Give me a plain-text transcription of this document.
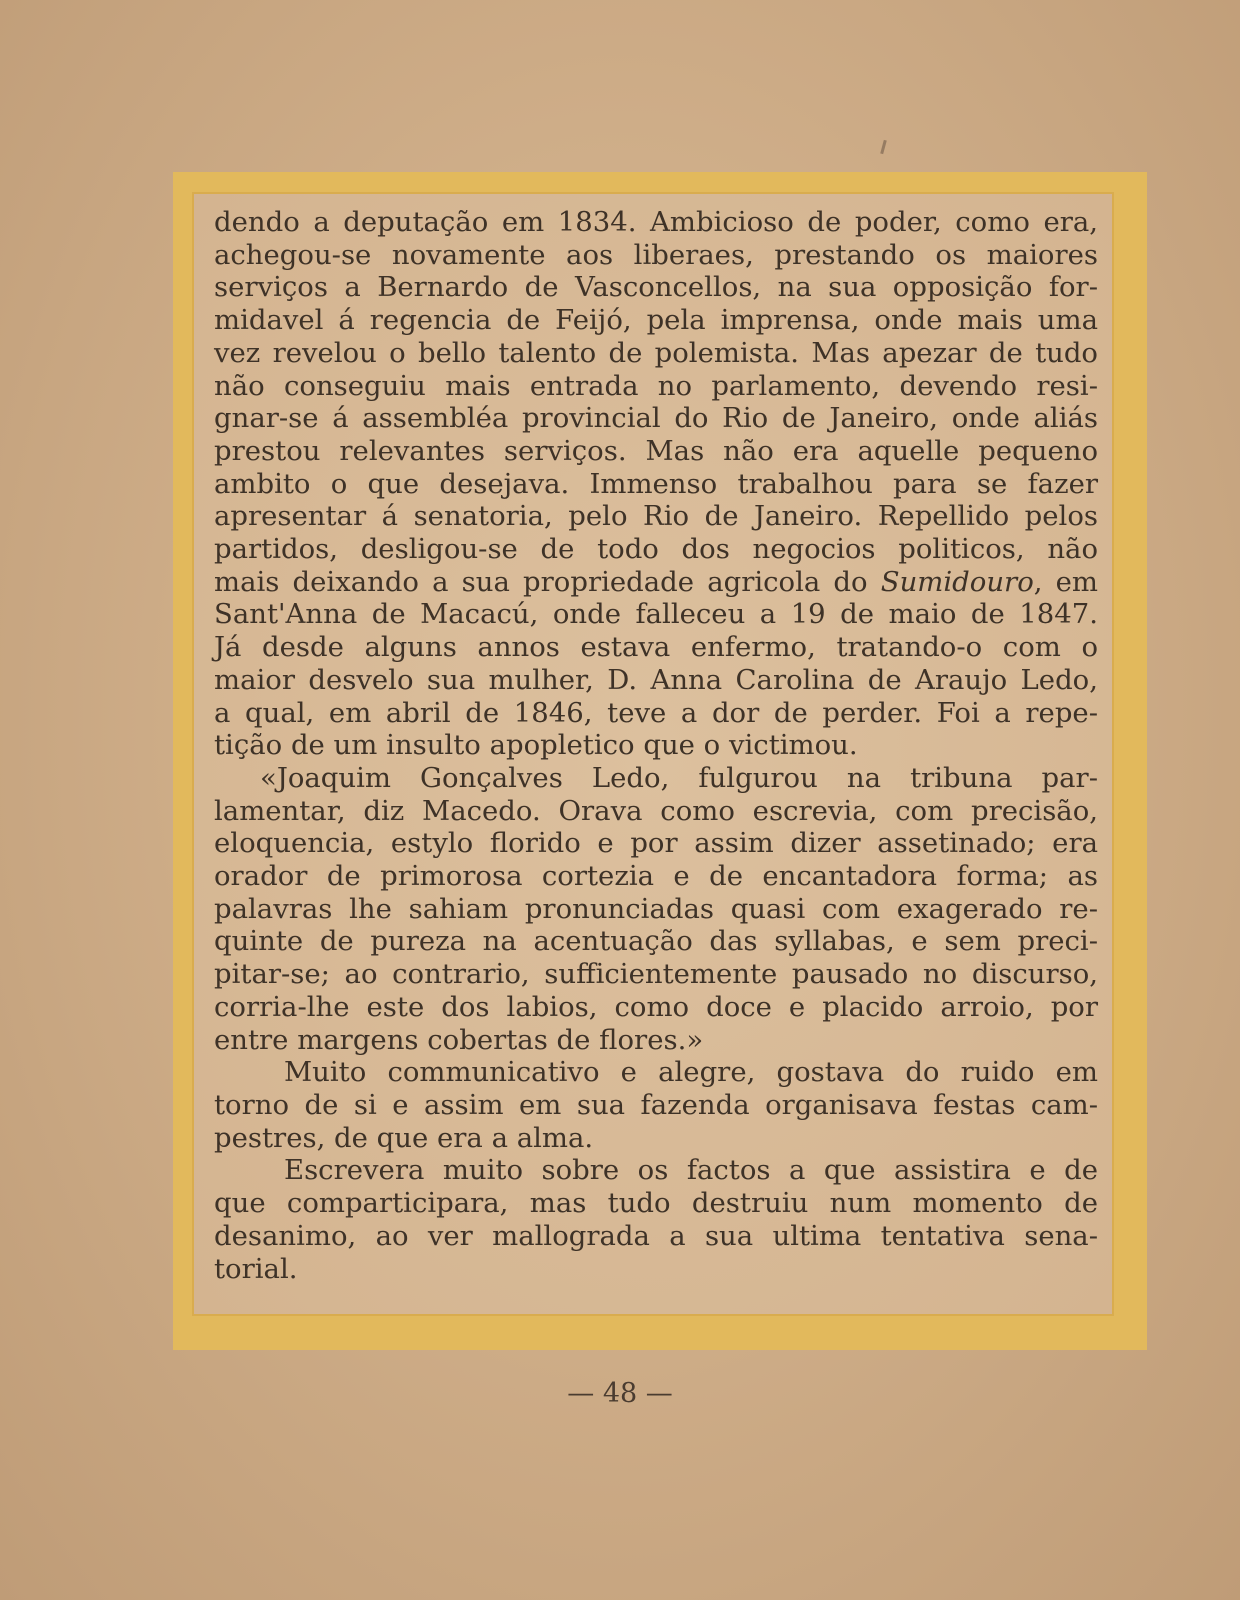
dendo a deputação em 1834. Ambicioso de poder, como era,
achegou-se novamente aos liberaes, prestando os maiores
serviços a Bernardo de Vasconcellos, na sua opposição for-
midavel á regencia de Feijó, pela imprensa, onde mais uma
vez revelou o bello talento de polemista. Mas apezar de tudo
não conseguiu mais entrada no parlamento, devendo resi-
gnar-se á assembléa provincial do Rio de Janeiro, onde aliás
prestou relevantes serviços. Mas não era aquelle pequeno
ambito o que desejava. Immenso trabalhou para se fazer
apresentar á senatoria, pelo Rio de Janeiro. Repellido pelos
partidos, desligou-se de todo dos negocios politicos, não
mais deixando a sua propriedade agricola do Sumidouro, em
Sant'Anna de Macacú, onde falleceu a 19 de maio de 1847.
Já desde alguns annos estava enfermo, tratando-o com o
maior desvelo sua mulher, D. Anna Carolina de Araujo Ledo,
a qual, em abril de 1846, teve a dor de perder. Foi a repe-
tição de um insulto apopletico que o victimou.
«Joaquim Gonçalves Ledo, fulgurou na tribuna par-
lamentar, diz Macedo. Orava como escrevia, com precisão,
eloquencia, estylo florido e por assim dizer assetinado; era
orador de primorosa cortezia e de encantadora forma; as
palavras lhe sahiam pronunciadas quasi com exagerado re-
quinte de pureza na acentuação das syllabas, e sem preci-
pitar-se; ao contrario, sufficientemente pausado no discurso,
corria-lhe este dos labios, como doce e placido arroio, por
entre margens cobertas de flores.»
Muito communicativo e alegre, gostava do ruido em
torno de si e assim em sua fazenda organisava festas cam-
pestres, de que era a alma.
Escrevera muito sobre os factos a que assistira e de
que comparticipara, mas tudo destruiu num momento de
desanimo, ao ver mallograda a sua ultima tentativa sena-
torial.
— 48 —
